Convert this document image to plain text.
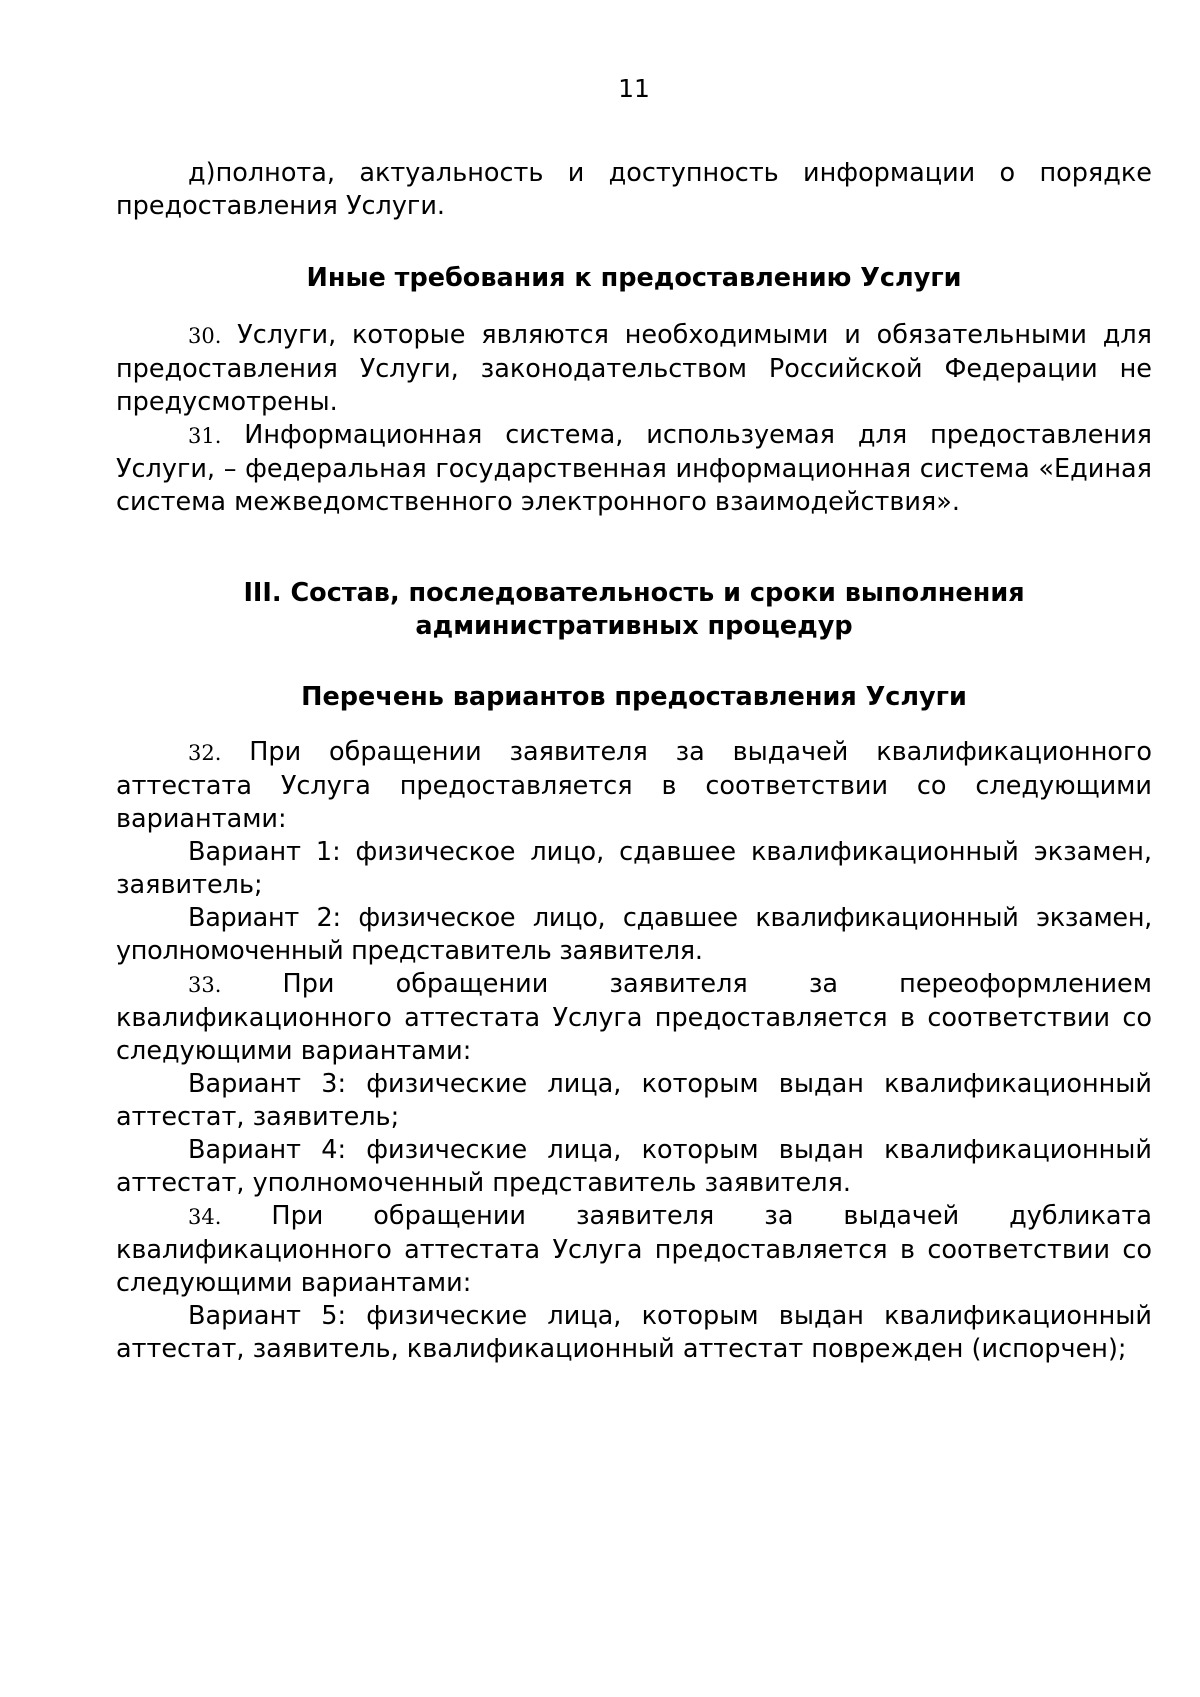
11

д)полнота, актуальность и доступность информации о порядке предоставления Услуги.

Иные требования к предоставлению Услуги

30. Услуги, которые являются необходимыми и обязательными для предоставления Услуги, законодательством Российской Федерации не предусмотрены.

31. Информационная система, используемая для предоставления Услуги, – федеральная государственная информационная система «Единая система межведомственного электронного взаимодействия».

III. Состав, последовательность и сроки выполнения
административных процедур
Перечень вариантов предоставления Услуги

32. При обращении заявителя за выдачей квалификационного аттестата Услуга предоставляется в соответствии со следующими вариантами:

Вариант 1: физическое лицо, сдавшее квалификационный экзамен, заявитель;

Вариант 2: физическое лицо, сдавшее квалификационный экзамен, уполномоченный представитель заявителя.

33. При обращении заявителя за переоформлением квалификационного аттестата Услуга предоставляется в соответствии со следующими вариантами:

Вариант 3: физические лица, которым выдан квалификационный аттестат, заявитель;

Вариант 4: физические лица, которым выдан квалификационный аттестат, уполномоченный представитель заявителя.

34. При обращении заявителя за выдачей дубликата квалификационного аттестата Услуга предоставляется в соответствии со следующими вариантами:

Вариант 5: физические лица, которым выдан квалификационный аттестат, заявитель, квалификационный аттестат поврежден (испорчен);
